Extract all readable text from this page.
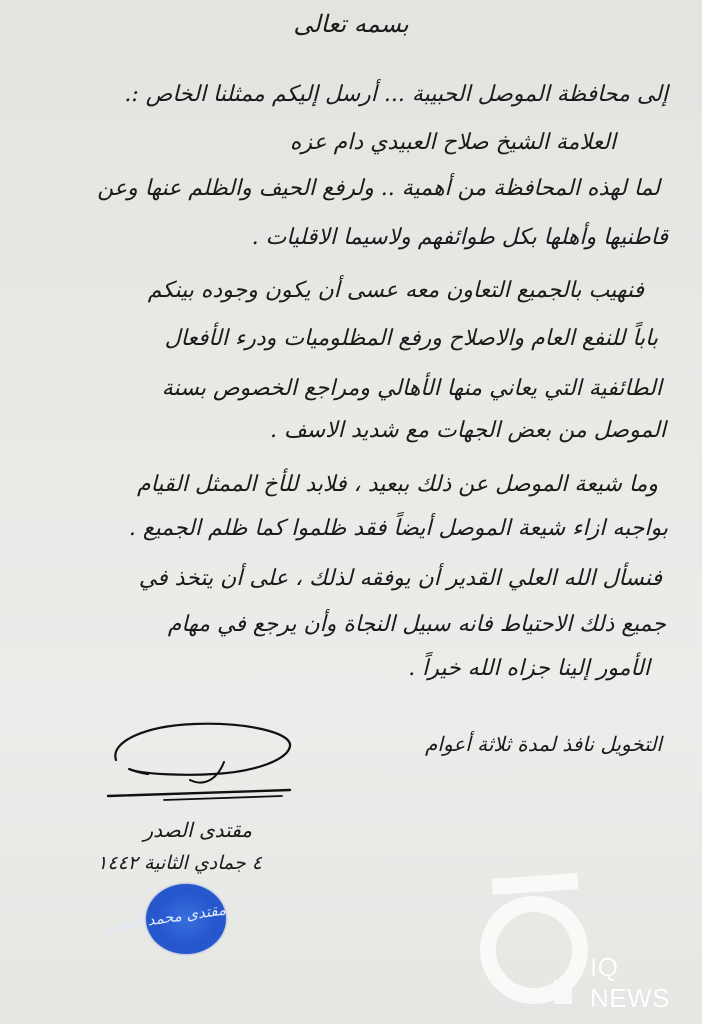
بسمه تعالى
إلى محافظة الموصل الحبيبة ... أرسل إليكم ممثلنا الخاص :.
العلامة الشيخ صلاح العبيدي دام عزه
لما لهذه المحافظة من أهمية .. ولرفع الحيف والظلم عنها وعن
قاطنيها وأهلها بكل طوائفهم ولاسيما الاقليات .
فنهيب بالجميع التعاون معه عسى أن يكون وجوده بينكم
باباً للنفع العام والاصلاح ورفع المظلوميات ودرء الأفعال
الطائفية التي يعاني منها الأهالي ومراجع الخصوص بسنة
الموصل من بعض الجهات مع شديد الاسف .
وما شيعة الموصل عن ذلك ببعيد ، فلابد للأخ الممثل القيام
بواجبه ازاء شيعة الموصل أيضاً فقد ظلموا كما ظلم الجميع .
فنسأل الله العلي القدير أن يوفقه لذلك ، على أن يتخذ في
جميع ذلك الاحتياط فانه سبيل النجاة وأن يرجع في مهام
الأمور إلينا جزاه الله خيراً .
التخويل نافذ لمدة ثلاثة أعوام
مقتدى الصدر
٤ جمادي الثانية ١٤٤٢
مقتدى محمد الصدر
IQ NEWS
